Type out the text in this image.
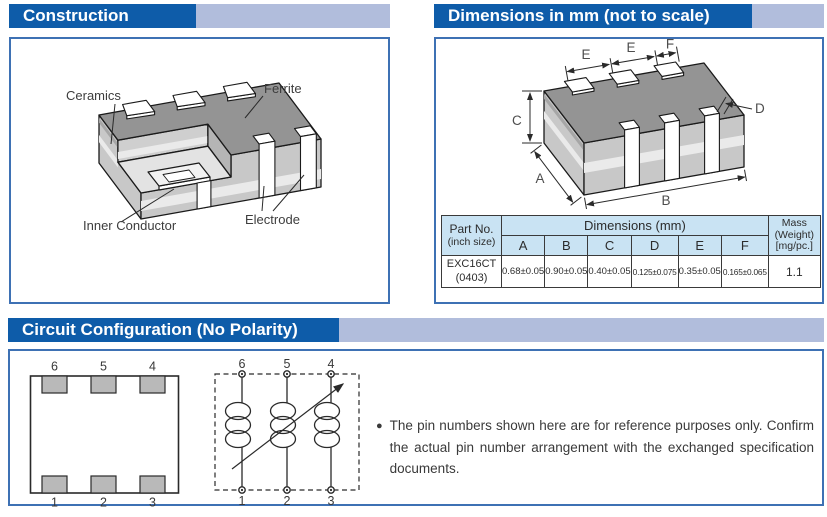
Construction	Dimensions in mm (not to scale)
Circuit Configuration (No Polarity)
Ceramics	Ferrite
Inner Conductor	Electrode
C
A
B
D
E	E F
Part No.
(inch size)
	Dimensions (mm)	Mass
(Weight)
[mg/pc.]

	A	B	C	D	E	F	

EXC16CT
(0403)	0.68±0.05	0.90±0.05	0.40±0.05	0.125±0.075	0.35±0.05	0.165±0.065	1.1
6	5	4
1	2	3
6	5	4
1	2	3
● The pin numbers shown here are for reference purposes only. Confirm the actual pin number arrangement with the exchanged specification documents.
